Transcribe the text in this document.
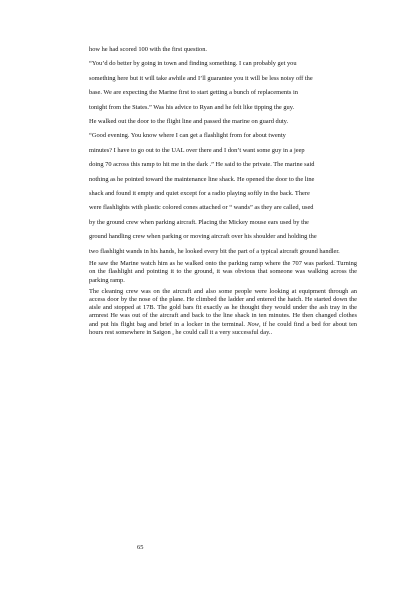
how he had scored 100 with the first question.

“You’d do better by going in town and finding something. I can probably get you

something here but it will take awhile and I’ll guarantee you it will be less noisy off the

base. We are expecting the Marine first to start getting a bunch of replacements in

tonight from the States.” Was his advice to Ryan and he felt like tipping the guy.

He walked out the door to the flight line and passed the marine on guard duty.

“Good evening. You know where I can get a flashlight from for about twenty

minutes? I have to go out to the UAL over there and I don’t want some guy in a jeep

doing 70 across this ramp to hit me in the dark .” He said to the private. The marine said

nothing as he pointed toward the maintenance line shack. He opened the door to the line

shack and found it empty and quiet except for a radio playing softly in the back. There

were flashlights with plastic colored cones attached or “ wands” as they are called, used

by the ground crew when parking aircraft. Placing the Mickey mouse ears used by the

ground handling crew when parking or moving aircraft over his shoulder and holding the

two flashlight wands in his hands, he looked every bit the part of a typical aircraft ground handler.

He saw the Marine watch him as he walked onto the parking ramp where the 707 was parked. Turning on the flashlight and pointing it to the ground, it was obvious that someone was walking across the parking ramp.

The cleaning crew was on the aircraft and also some people were looking at equipment through an access door by the nose of the plane. He climbed the ladder and entered the hatch. He started down the aisle and stopped at 17B. The gold bars fit exactly as he thought they would under the ash tray in the armrest He was out of the aircraft and back to the line shack in ten minutes. He then changed clothes and put his flight bag and brief in a locker in the terminal. Now, if he could find a bed for about ten hours rest somewhere in Saigon , he could call it a very successful day..

65
